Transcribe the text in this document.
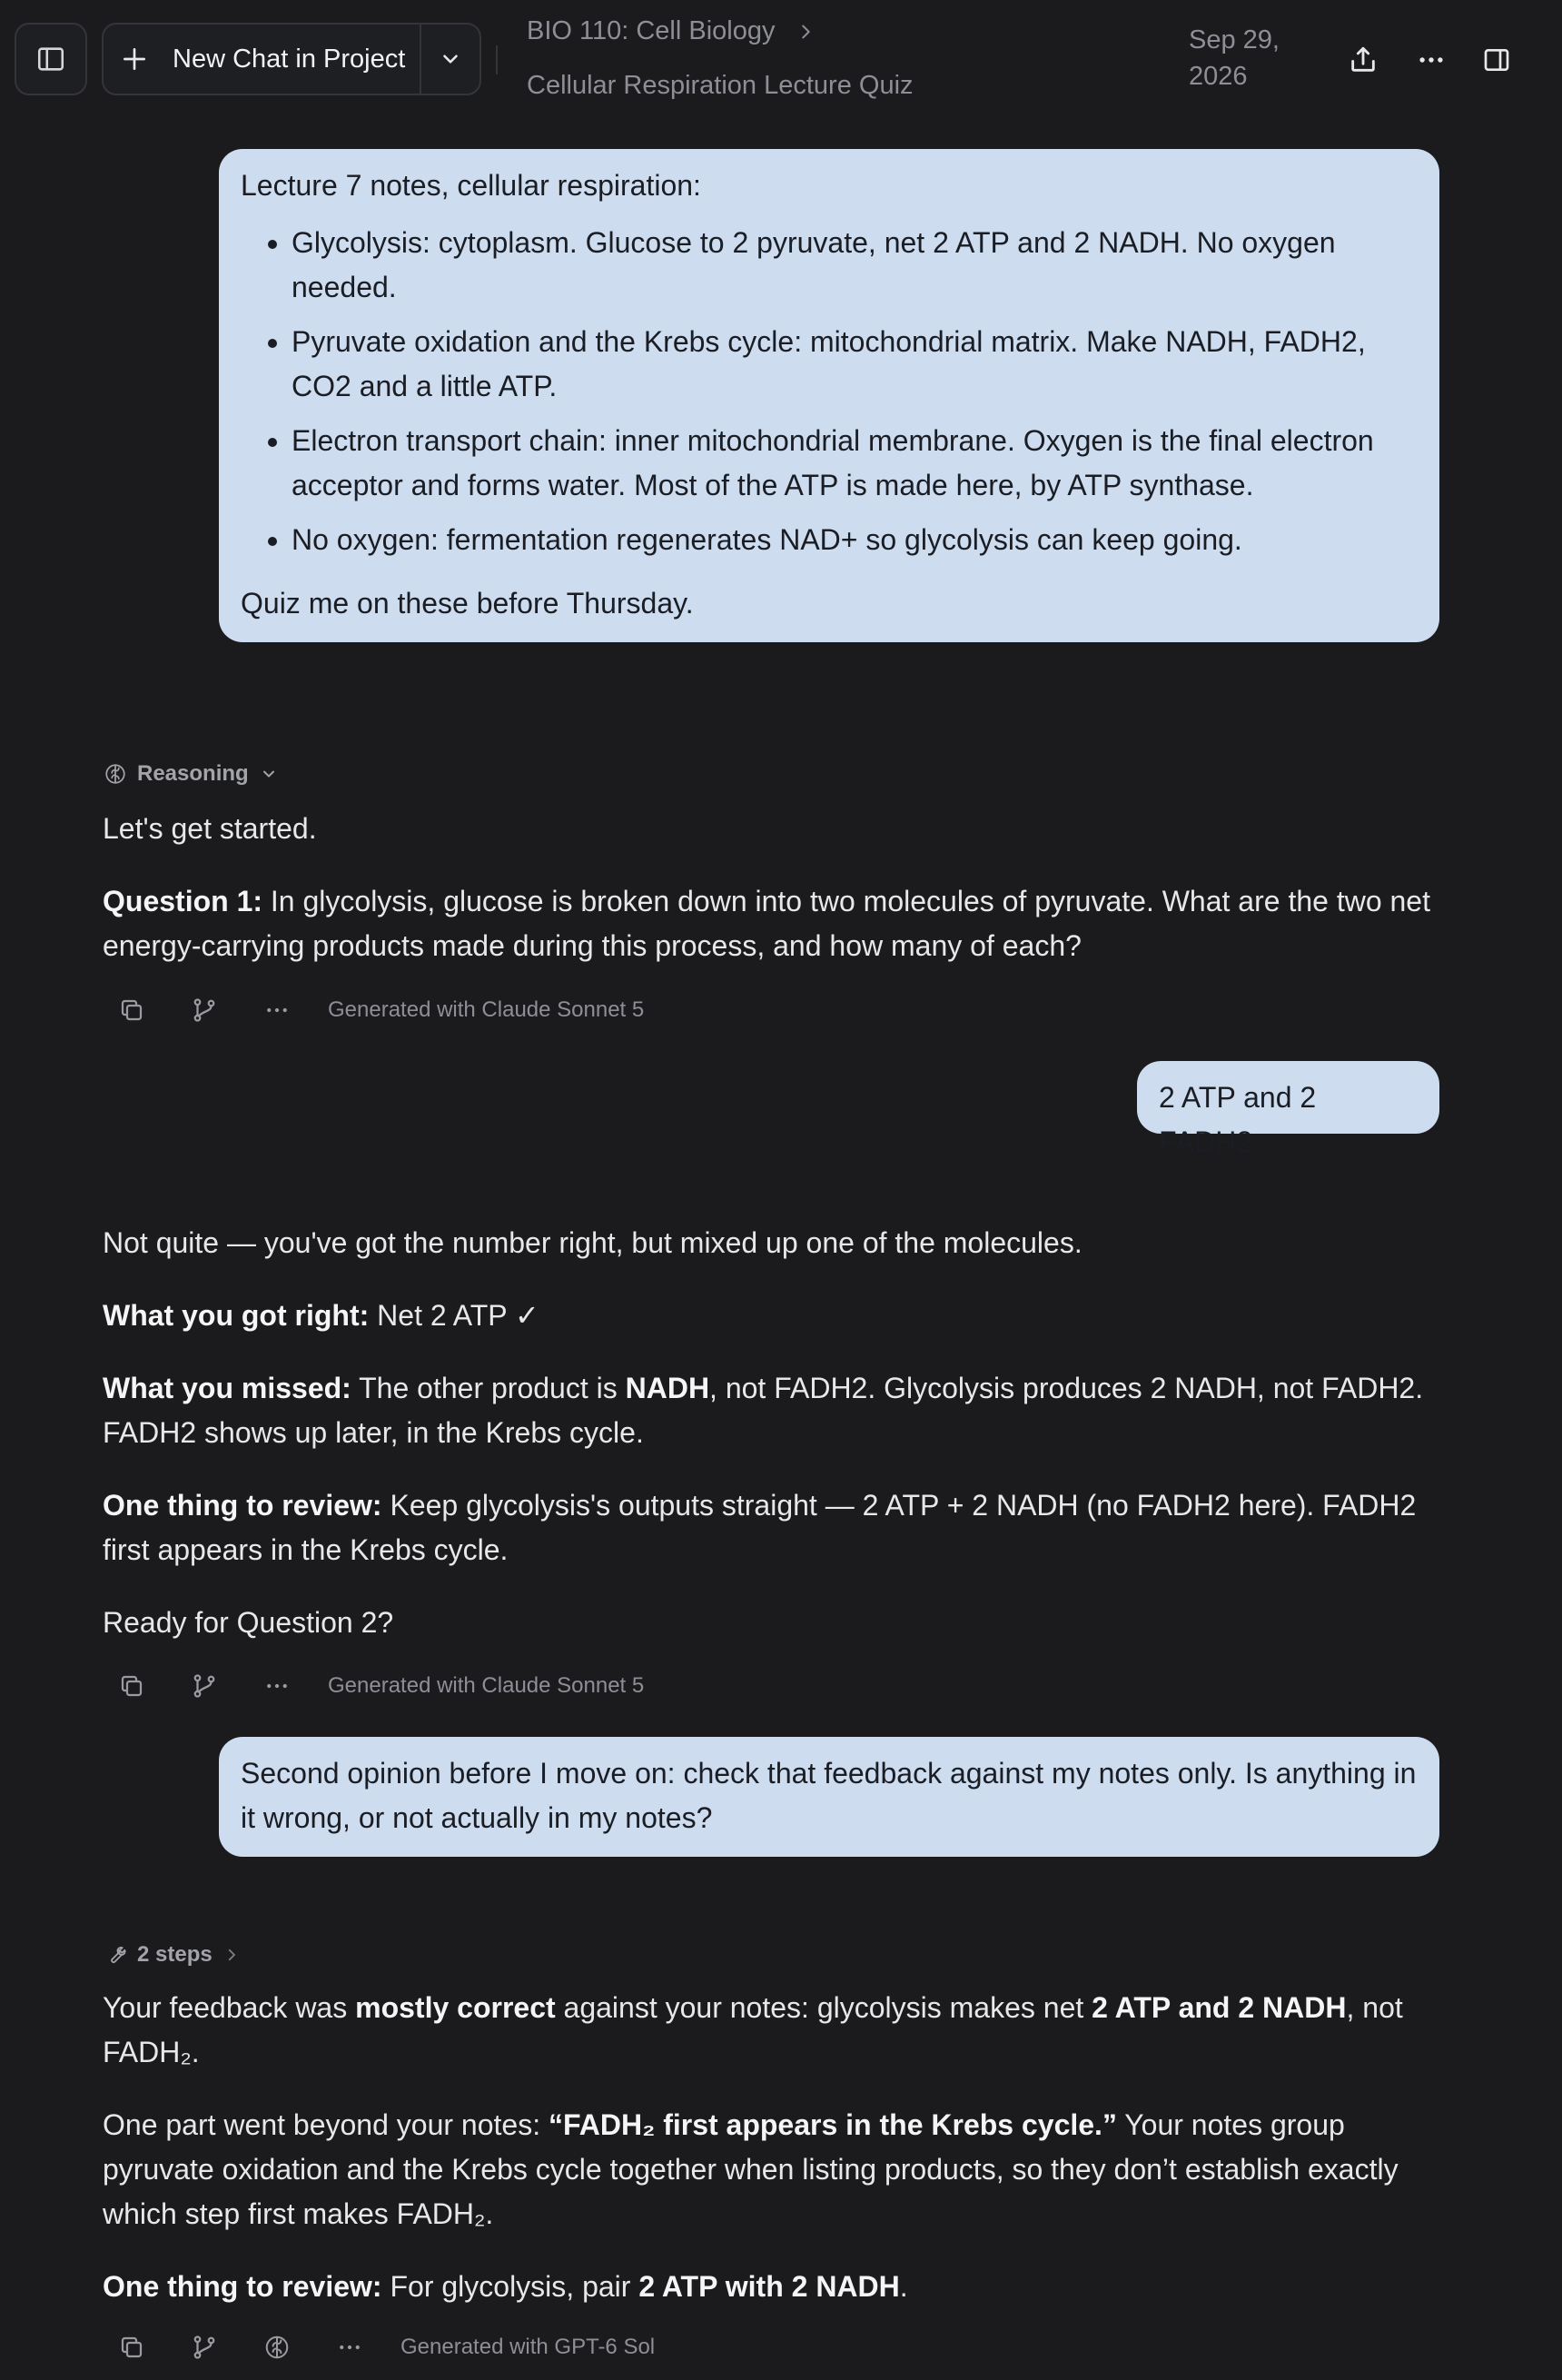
New Chat in Project
BIO 110: Cell Biology
Cellular Respiration Lecture Quiz
Sep 29,
2026

Lecture 7 notes, cellular respiration:

• Glycolysis: cytoplasm. Glucose to 2 pyruvate, net 2 ATP and 2 NADH. No oxygen needed.
• Pyruvate oxidation and the Krebs cycle: mitochondrial matrix. Make NADH, FADH2, CO2 and a little ATP.
• Electron transport chain: inner mitochondrial membrane. Oxygen is the final electron acceptor and forms water. Most of the ATP is made here, by ATP synthase.
• No oxygen: fermentation regenerates NAD+ so glycolysis can keep going.

Quiz me on these before Thursday.

Reasoning

Let's get started.

Question 1: In glycolysis, glucose is broken down into two molecules of pyruvate. What are the two net energy-carrying products made during this process, and how many of each?

Generated with Claude Sonnet 5

2 ATP and 2 FADH2

Not quite — you've got the number right, but mixed up one of the molecules.

What you got right: Net 2 ATP ✓

What you missed: The other product is NADH, not FADH2. Glycolysis produces 2 NADH, not FADH2. FADH2 shows up later, in the Krebs cycle.

One thing to review: Keep glycolysis's outputs straight — 2 ATP + 2 NADH (no FADH2 here). FADH2 first appears in the Krebs cycle.

Ready for Question 2?

Generated with Claude Sonnet 5

Second opinion before I move on: check that feedback against my notes only. Is anything in it wrong, or not actually in my notes?

2 steps

Your feedback was mostly correct against your notes: glycolysis makes net 2 ATP and 2 NADH, not FADH₂.

One part went beyond your notes: “FADH₂ first appears in the Krebs cycle.” Your notes group pyruvate oxidation and the Krebs cycle together when listing products, so they don’t establish exactly which step first makes FADH₂.

One thing to review: For glycolysis, pair 2 ATP with 2 NADH.

Generated with GPT-6 Sol
